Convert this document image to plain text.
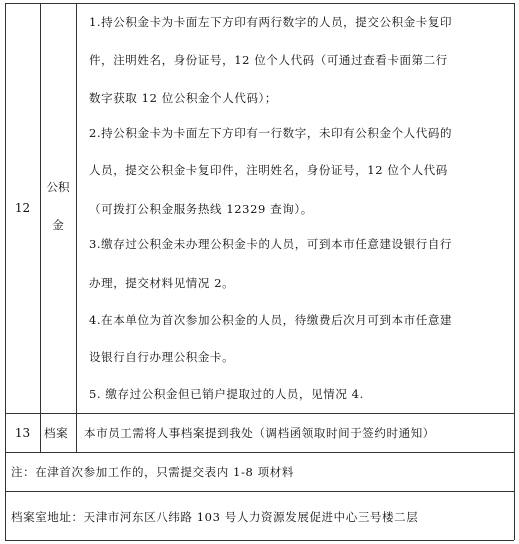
12
公积
金
1.持公积金卡为卡面左下方印有两行数字的人员，提交公积金卡复印
件，注明姓名，身份证号，12 位个人代码（可通过查看卡面第二行
数字获取 12 位公积金个人代码）；
2.持公积金卡为卡面左下方印有一行数字，未印有公积金个人代码的
人员，提交公积金卡复印件，注明姓名，身份证号，12 位个人代码
（可拨打公积金服务热线 12329 查询）。
3.缴存过公积金未办理公积金卡的人员，可到本市任意建设银行自行
办理，提交材料见情况 2。
4.在本单位为首次参加公积金的人员，待缴费后次月可到本市任意建
设银行自行办理公积金卡。
5. 缴存过公积金但已销户提取过的人员，见情况 4.
13	档案 本市员工需将人事档案提到我处（调档函领取时间于签约时通知）
注：在津首次参加工作的，只需提交表内 1-8 项材料
档案室地址：天津市河东区八纬路 103 号人力资源发展促进中心三号楼二层
